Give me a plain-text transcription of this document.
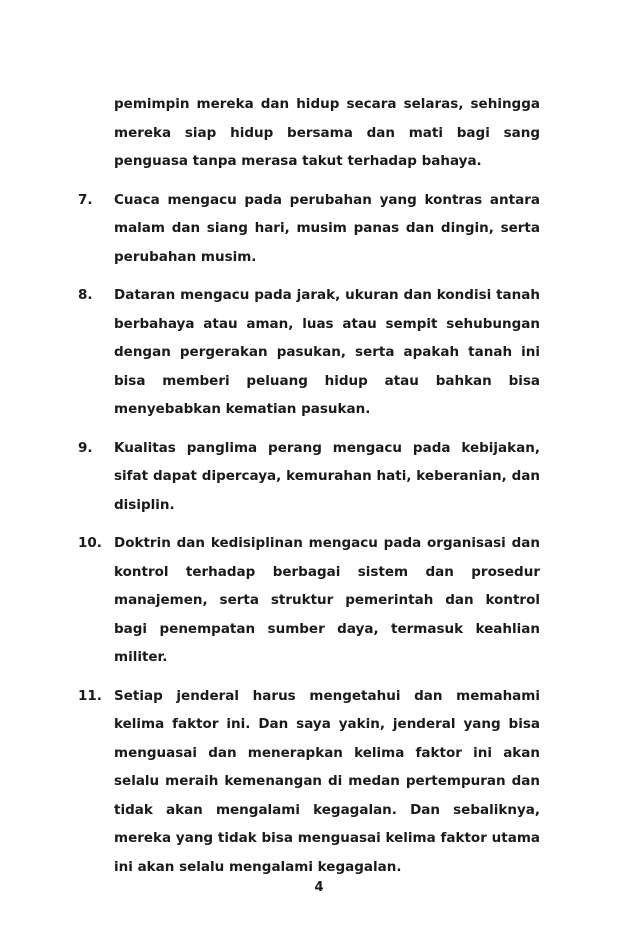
pemimpin mereka dan hidup secara selaras, sehingga mereka siap hidup bersama dan mati bagi sang penguasa tanpa merasa takut terhadap bahaya.

7. Cuaca mengacu pada perubahan yang kontras antara malam dan siang hari, musim panas dan dingin, serta perubahan musim.

8. Dataran mengacu pada jarak, ukuran dan kondisi tanah berbahaya atau aman, luas atau sempit sehubungan dengan pergerakan pasukan, serta apakah tanah ini bisa memberi peluang hidup atau bahkan bisa menyebabkan kematian pasukan.

9. Kualitas panglima perang mengacu pada kebijakan, sifat dapat dipercaya, kemurahan hati, keberanian, dan disiplin.

10. Doktrin dan kedisiplinan mengacu pada organisasi dan kontrol terhadap berbagai sistem dan prosedur manajemen, serta struktur pemerintah dan kontrol bagi penempatan sumber daya, termasuk keahlian militer.

11. Setiap jenderal harus mengetahui dan memahami kelima faktor ini. Dan saya yakin, jenderal yang bisa menguasai dan menerapkan kelima faktor ini akan selalu meraih kemenangan di medan pertempuran dan tidak akan mengalami kegagalan. Dan sebaliknya, mereka yang tidak bisa menguasai kelima faktor utama ini akan selalu mengalami kegagalan.

4
